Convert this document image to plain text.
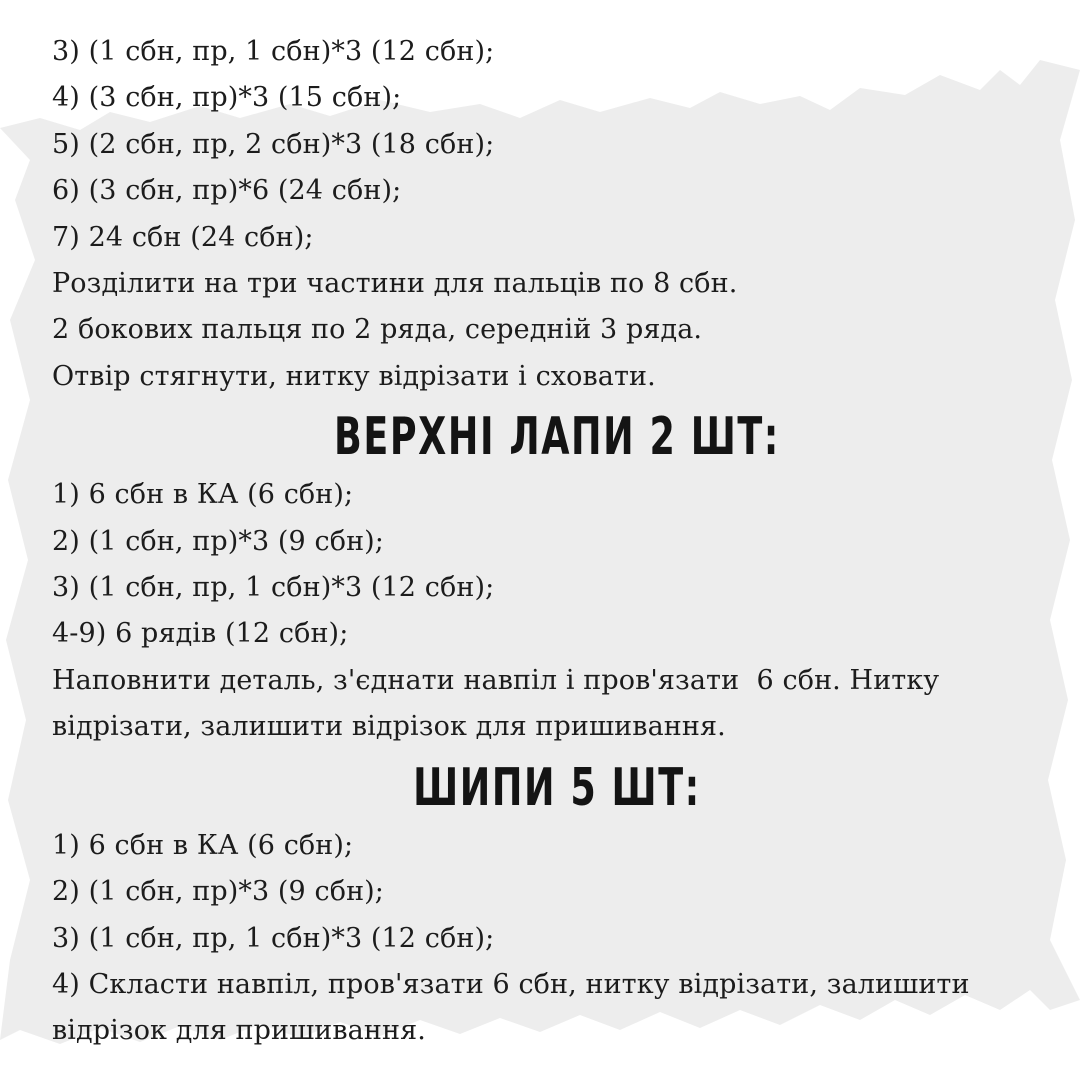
3) (1 сбн, пр, 1 сбн)*3 (12 сбн);

4) (3 сбн, пр)*3 (15 сбн);

5) (2 сбн, пр, 2 сбн)*3 (18 сбн);

6) (3 сбн, пр)*6 (24 сбн);

7) 24 сбн (24 сбн);

Розділити на три частини для пальців по 8 сбн.

2 бокових пальця по 2 ряда, середній 3 ряда.

Отвір стягнути, нитку відрізати і сховати.

ВЕРХНІ ЛАПИ 2 ШТ:

1) 6 сбн в КА (6 сбн);

2) (1 сбн, пр)*3 (9 сбн);

3) (1 сбн, пр, 1 сбн)*3 (12 сбн);

4-9) 6 рядів (12 сбн);

Наповнити деталь, з'єднати навпіл і пров'язати  6 сбн. Нитку

відрізати, залишити відрізок для пришивання.

ШИПИ 5 ШТ:

1) 6 сбн в КА (6 сбн);

2) (1 сбн, пр)*3 (9 сбн);

3) (1 сбн, пр, 1 сбн)*3 (12 сбн);

4) Скласти навпіл, пров'язати 6 сбн, нитку відрізати, залишити

відрізок для пришивання.
